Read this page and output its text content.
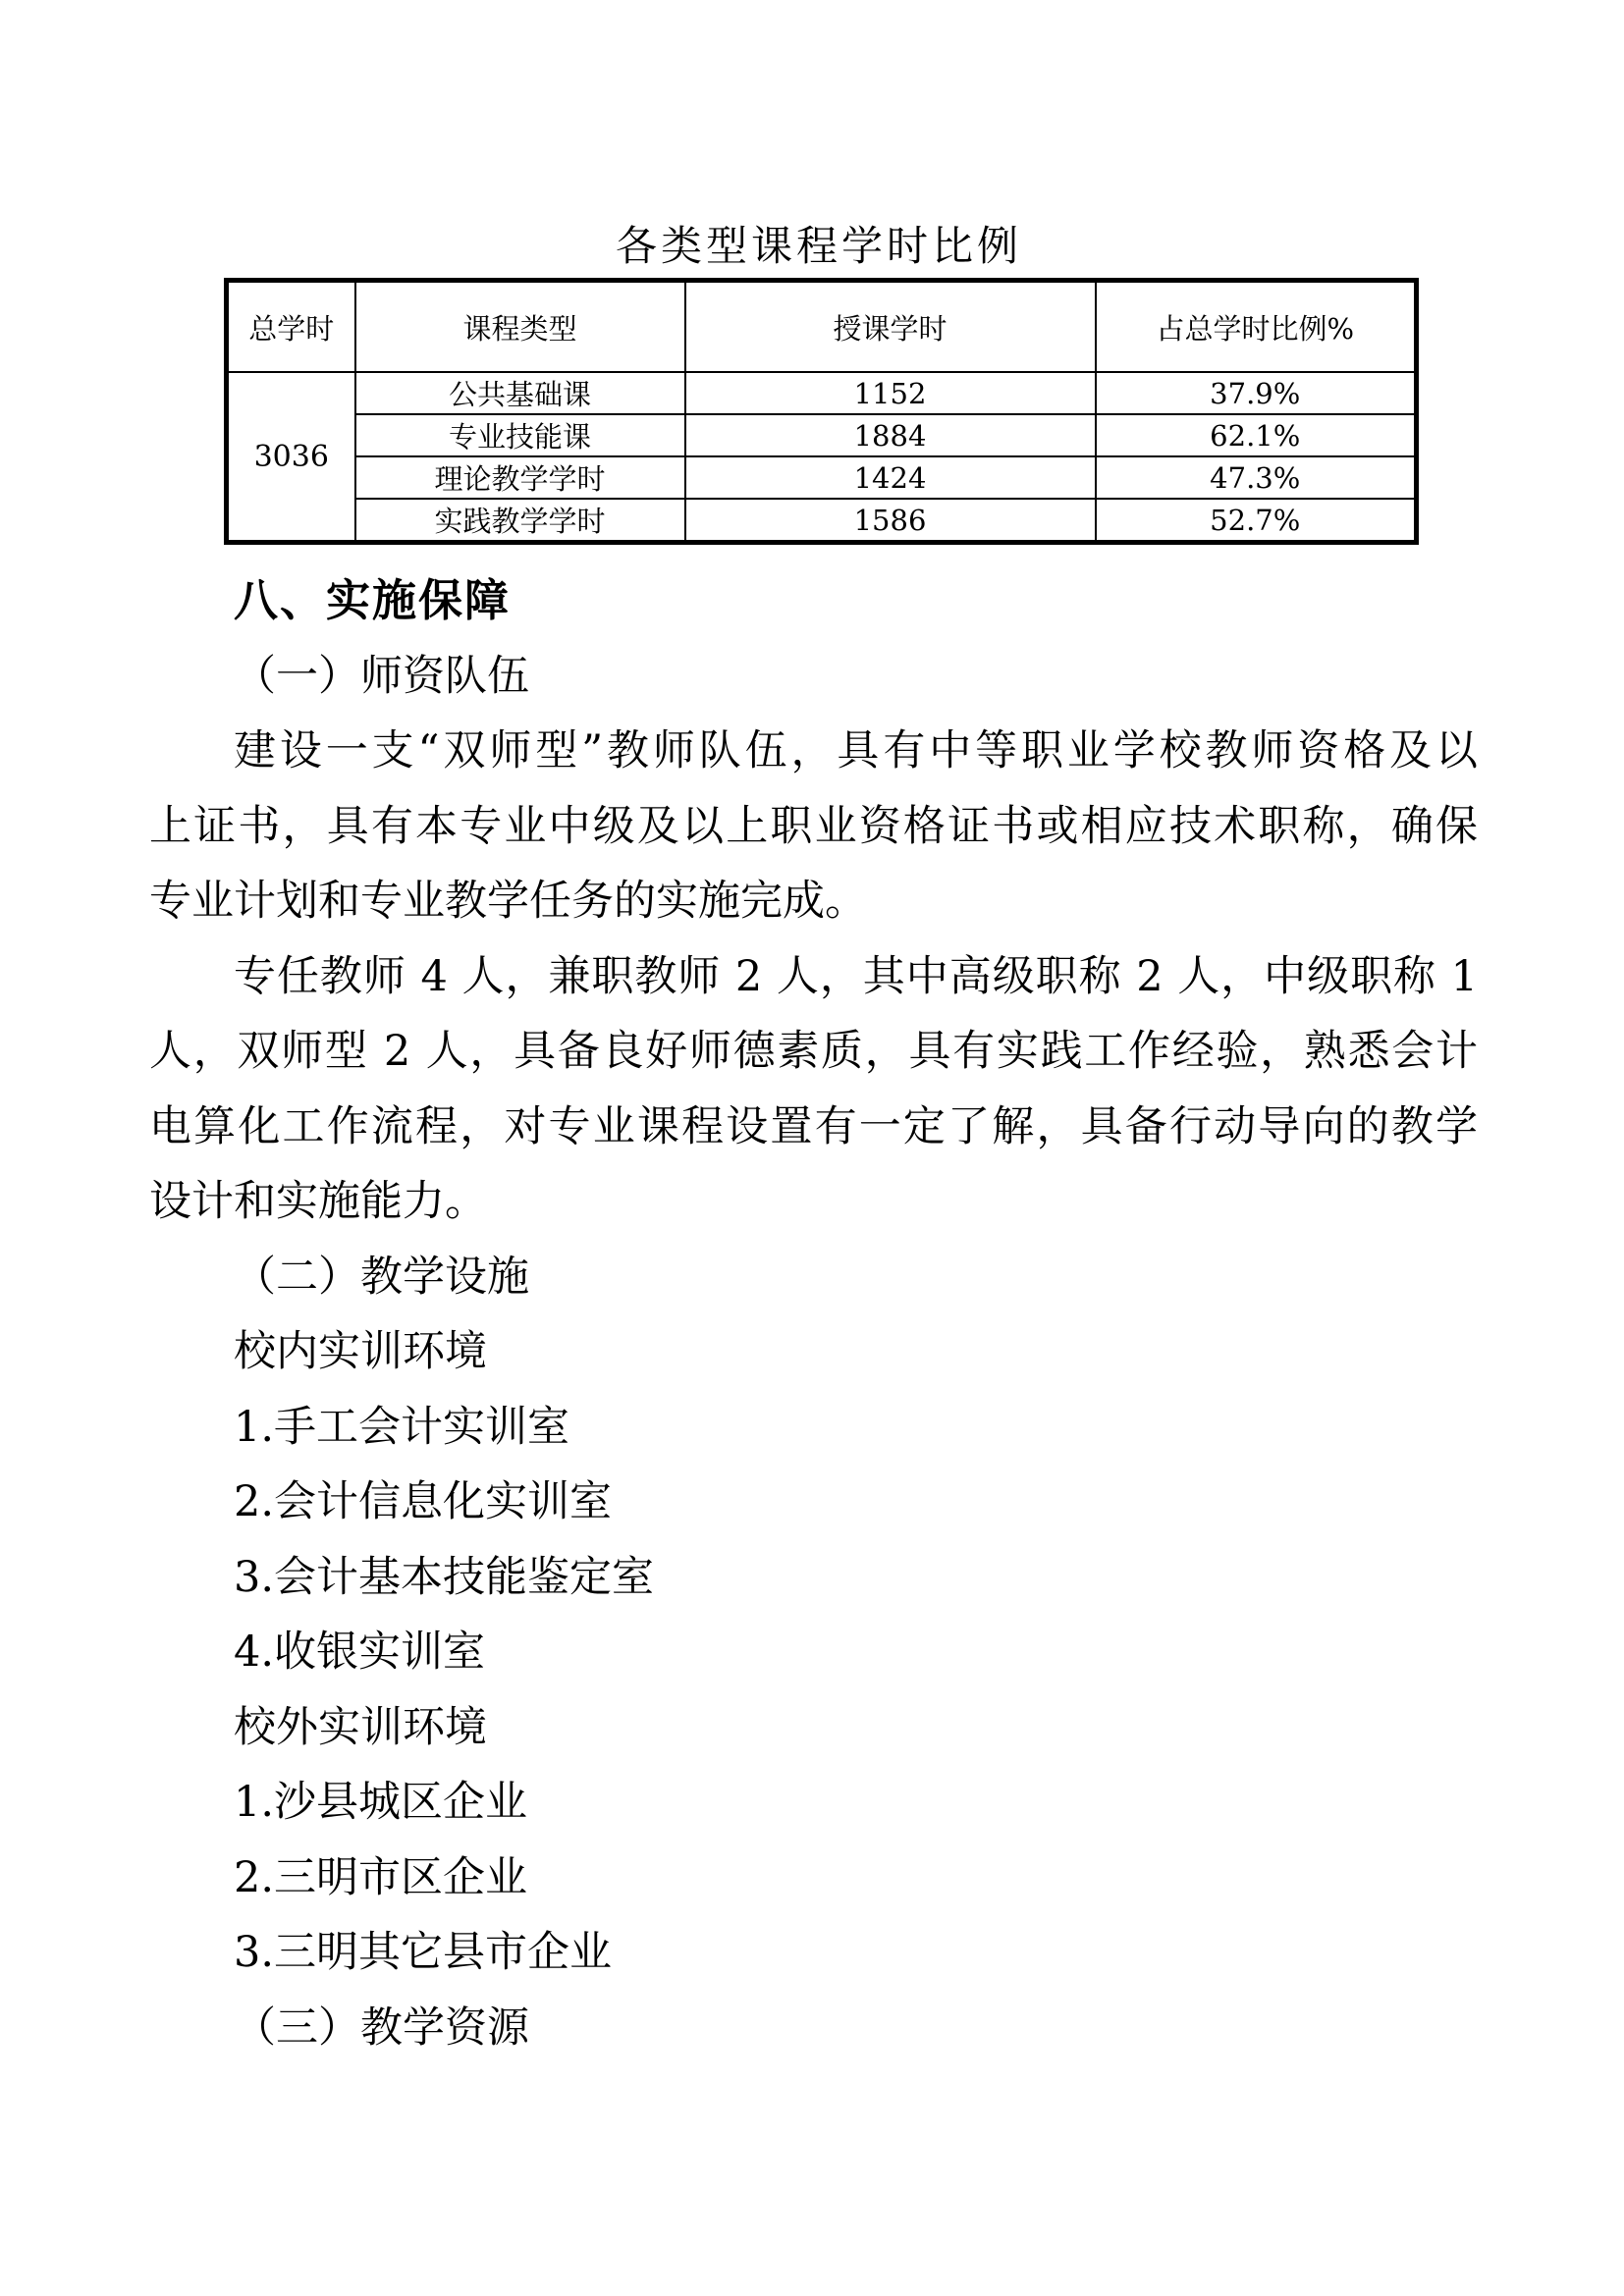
各类型课程学时比例
总学时	课程类型	授课学时	占总学时比例%
3036	公共基础课	1152	37.9%
	专业技能课	1884	62.1%
	理论教学学时	1424	47.3%
	实践教学学时	1586	52.7%
八、实施保障
（一）师资队伍
建设一支“双师型”教师队伍，具有中等职业学校教师资格及以
上证书，具有本专业中级及以上职业资格证书或相应技术职称，确保
专业计划和专业教学任务的实施完成。
专任教师 4 人，兼职教师 2 人，其中高级职称 2 人，中级职称 1
人，双师型 2 人，具备良好师德素质，具有实践工作经验，熟悉会计
电算化工作流程，对专业课程设置有一定了解，具备行动导向的教学
设计和实施能力。
（二）教学设施
校内实训环境
1.手工会计实训室
2.会计信息化实训室
3.会计基本技能鉴定室
4.收银实训室
校外实训环境
1.沙县城区企业
2.三明市区企业
3.三明其它县市企业
（三）教学资源
